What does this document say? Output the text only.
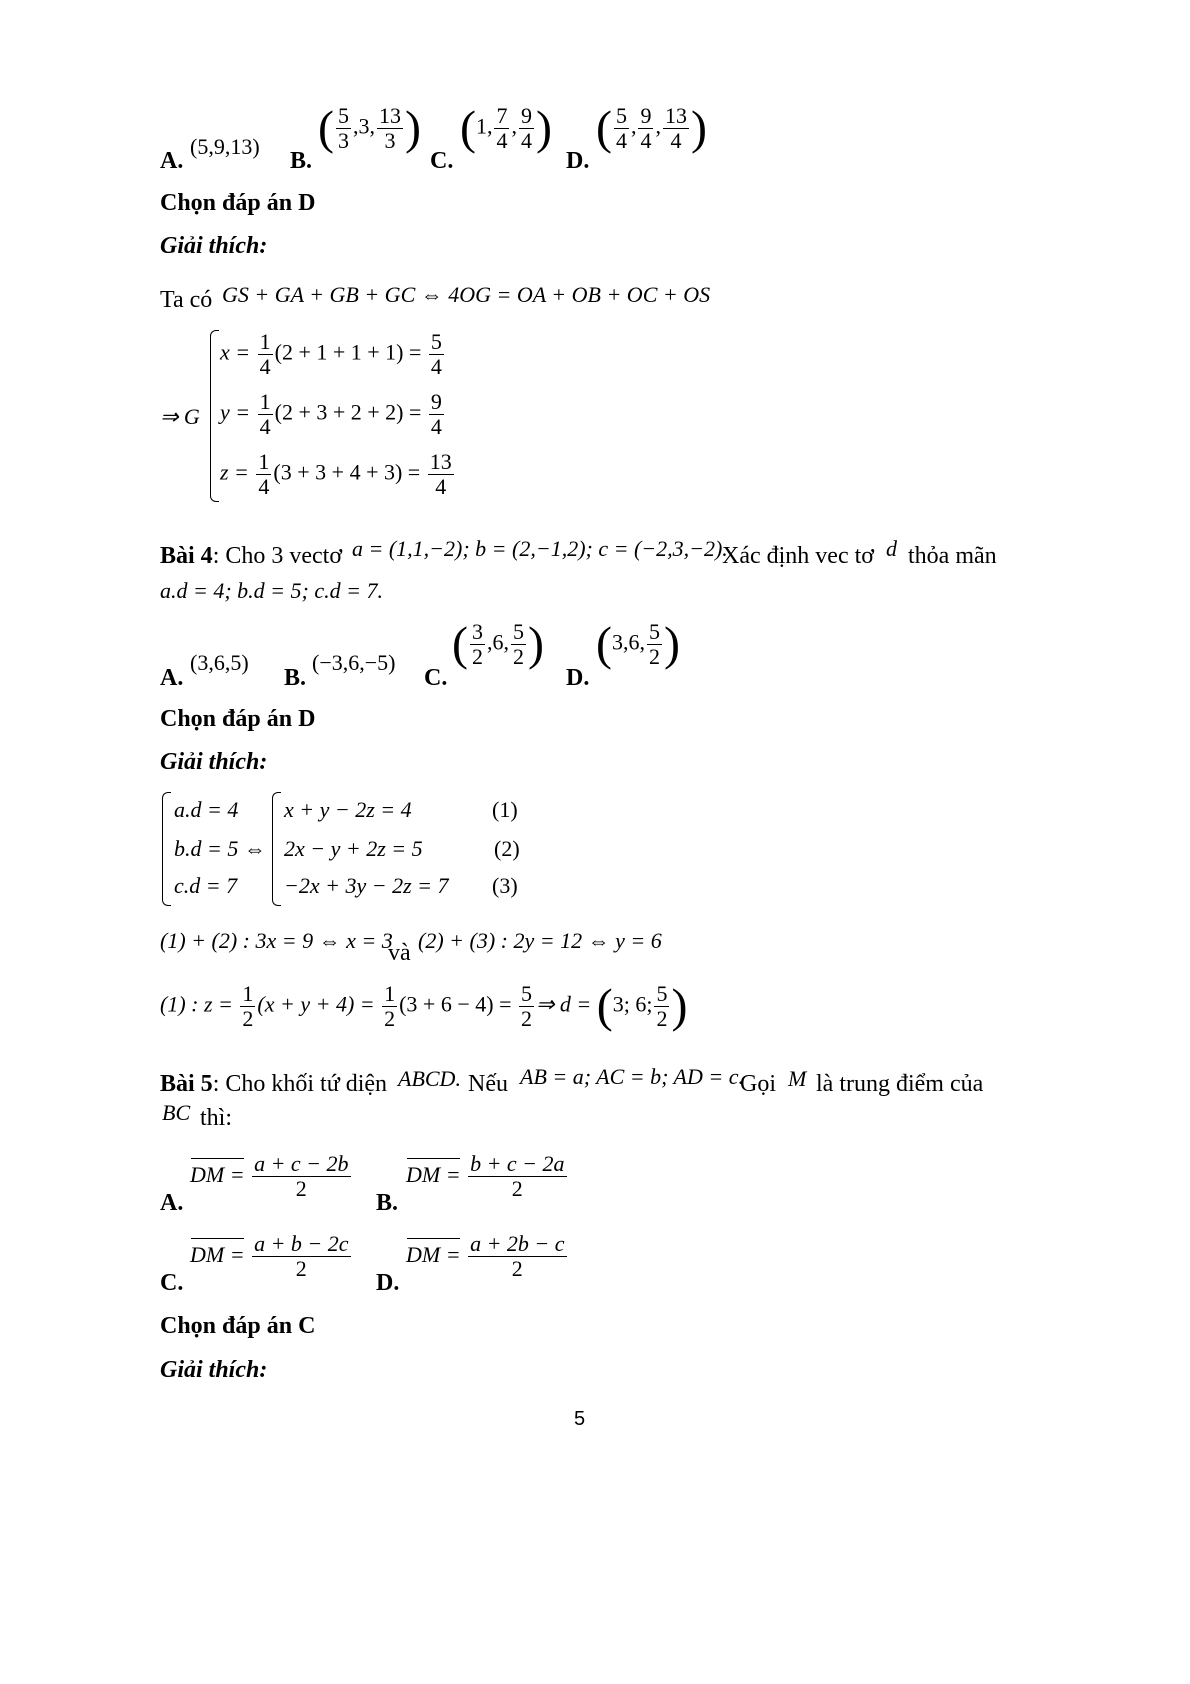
A.
(5,9,13)
B.
( $\frac{5}{3} ,3$, $\frac{13}{3}$ )
C.
(1, $\frac{7}{4}$ , $\frac{9}{4}$ )
D.
( $\frac{5}{4}$ , $\frac{9}{4}$ , $\frac{13}{4}$ )
Chọn đáp án D
Giải thích:
Ta có GS + GA + GB + GC ⇔ 4OG = OA + OB + OC + OS
⇒ G
$x = \frac{1}{4} (2 + 1 + 1 + 1) = \frac{5}{4}$
$y = \frac{1}{4} (2 + 3 + 2 + 2) = \frac{9}{4}$
$z = \frac{1}{4} (3 + 3 + 4 + 3) = \frac{13}{4}$
Bài 4: Cho 3 vectơ a = (1,1,−2); b = (2,−1,2); c = (−2,3,−2).
Xác định vec tơ d thỏa mãn
a.d = 4; b.d = 5; c.d = 7.
A.
(3,6,5)
B.
(−3,6,−5)
C.
( $\frac{3}{2} ,6$, $\frac{5}{2}$ )
D.
(3,6, $\frac{5}{2}$ )
Chọn đáp án D
Giải thích:
a.d = 4
b.d = 5 ⇔
c.d = 7
x + y − 2z = 4
2x − y + 2z = 5
−2x + 3y − 2z = 7
(1)
(2)
(3)
(1) + (2) : 3x = 9 ⇔ x = 3
và (2) + (3) : 2y = 12 ⇔ y = 6
(1) : $z = \frac{1}{2} (x + y + 4) = \frac{1}{2} (3 + 6 - 4) = \frac{5}{2}$ ⇒ d = (3; 6; $\frac{5}{2}$ )
Bài 5: Cho khối tứ diện ABCD. Nếu AB = a; AC = b; AD = c.
Gọi M là trung điểm của
BC thì:
A.
DM = $\frac{a + c - 2b}{2}$
B.
DM = $\frac{b + c - 2a}{2}$
C.
DM = $\frac{a + b - 2c}{2}$
D.
DM = $\frac{a + 2b - c}{2}$
Chọn đáp án C
Giải thích:
5
